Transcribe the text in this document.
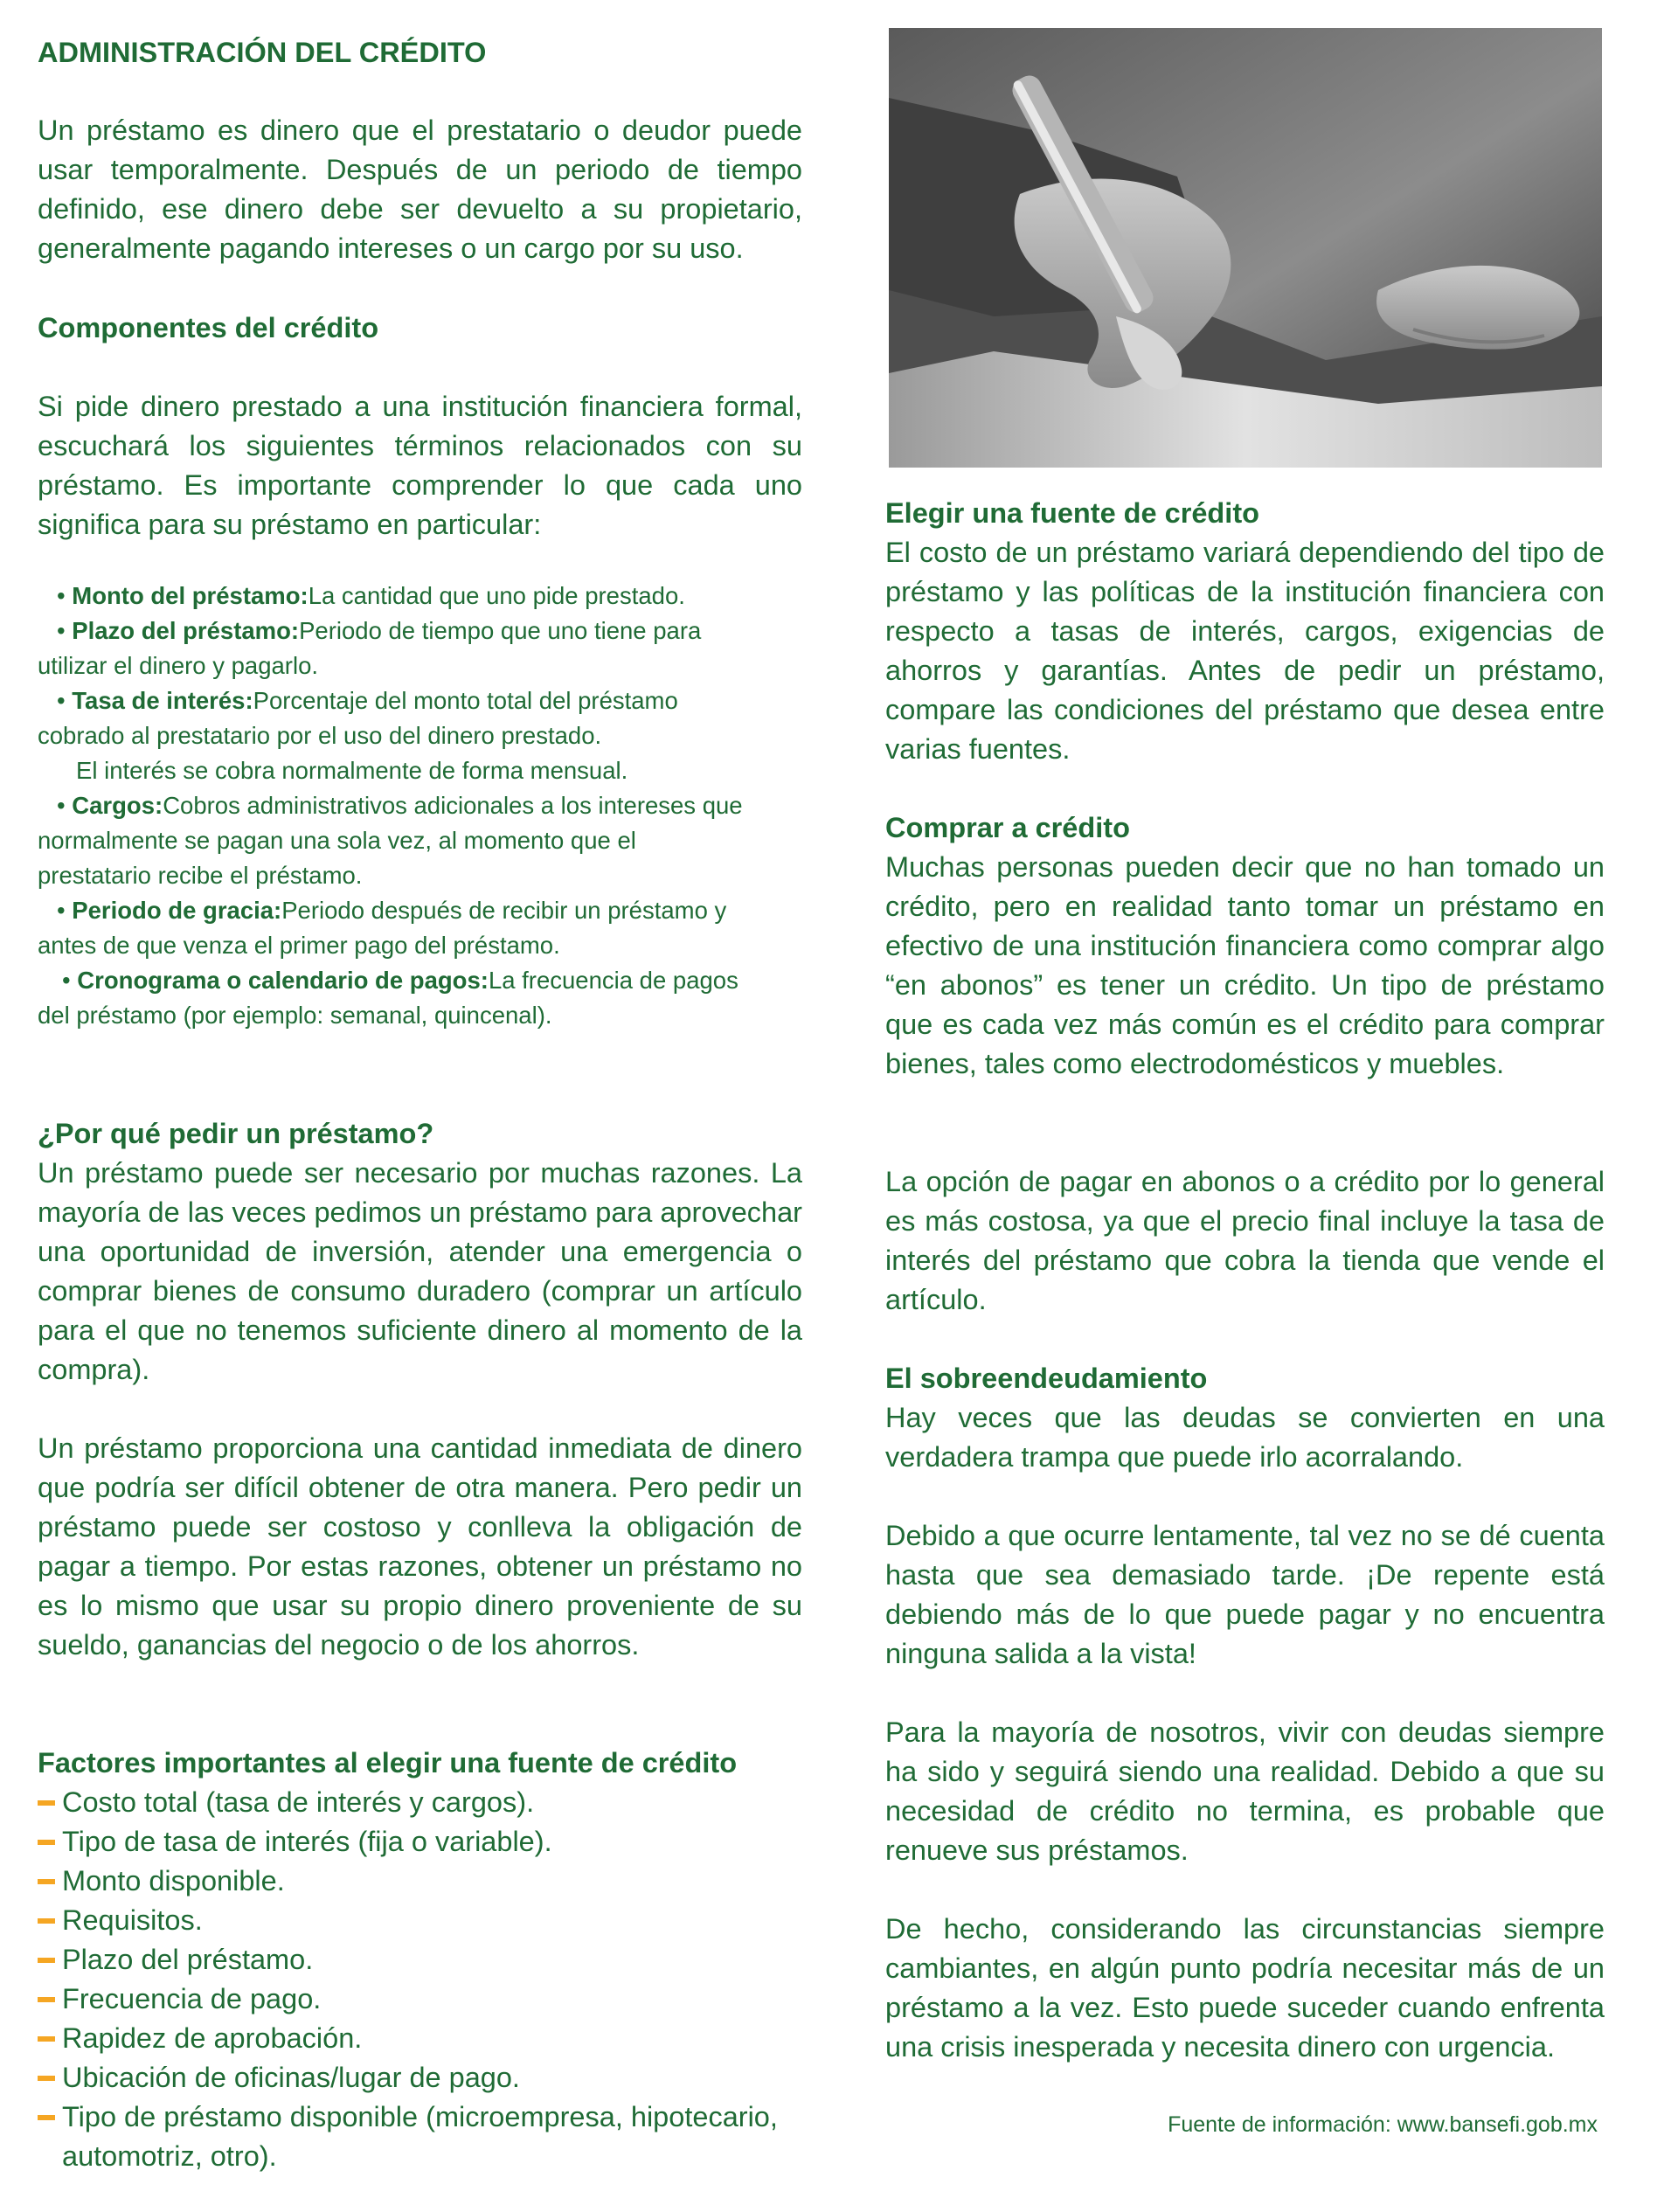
ADMINISTRACIÓN DEL CRÉDITO

Un préstamo es dinero que el prestatario o deudor puede usar temporalmente. Después de un periodo de tiempo definido, ese dinero debe ser devuelto a su propietario, generalmente pagando intereses o un cargo por su uso.

Componentes del crédito

Si pide dinero prestado a una institución financiera formal, escuchará los siguientes términos relacionados con su préstamo. Es importante comprender lo que cada uno significa para su préstamo en particular:

• Monto del préstamo:La cantidad que uno pide prestado.
• Plazo del préstamo:Periodo de tiempo que uno tiene para
utilizar el dinero y pagarlo.
• Tasa de interés:Porcentaje del monto total del préstamo
cobrado al prestatario por el uso del dinero prestado.
El interés se cobra normalmente de forma mensual.
• Cargos:Cobros administrativos adicionales a los intereses que
normalmente se pagan una sola vez, al momento que el
prestatario recibe el préstamo.
• Periodo de gracia:Periodo después de recibir un préstamo y
antes de que venza el primer pago del préstamo.
• Cronograma o calendario de pagos:La frecuencia de pagos
del préstamo (por ejemplo: semanal, quincenal).
¿Por qué pedir un préstamo?

Un préstamo puede ser necesario por muchas razones. La mayoría de las veces pedimos un préstamo para aprovechar una oportunidad de inversión, atender una emergencia o comprar bienes de consumo duradero (comprar un artículo para el que no tenemos suficiente dinero al momento de la compra).

Un préstamo proporciona una cantidad inmediata de dinero que podría ser difícil obtener de otra manera. Pero pedir un préstamo puede ser costoso y conlleva la obligación de pagar a tiempo. Por estas razones, obtener un préstamo no es lo mismo que usar su propio dinero proveniente de su sueldo, ganancias del negocio o de los ahorros.

Factores importantes al elegir una fuente de crédito
Costo total (tasa de interés y cargos).
Tipo de tasa de interés (fija o variable).
Monto disponible.
Requisitos.
Plazo del préstamo.
Frecuencia de pago.
Rapidez de aprobación.
Ubicación de oficinas/lugar de pago.
Tipo de préstamo disponible (microempresa, hipotecario, automotriz, otro).
Elegir una fuente de crédito

El costo de un préstamo variará dependiendo del tipo de préstamo y las políticas de la institución financiera con respecto a tasas de interés, cargos, exigencias de ahorros y garantías. Antes de pedir un préstamo, compare las condiciones del préstamo que desea entre varias fuentes.

Comprar a crédito

Muchas personas pueden decir que no han tomado un crédito, pero en realidad tanto tomar un préstamo en efectivo de una institución financiera como comprar algo “en abonos” es tener un crédito. Un tipo de préstamo que es cada vez más común es el crédito para comprar bienes, tales como electrodomésticos y muebles.

La opción de pagar en abonos o a crédito por lo general es más costosa, ya que el precio final incluye la tasa de interés del préstamo que cobra la tienda que vende el artículo.

El sobreendeudamiento

Hay veces que las deudas se convierten en una verdadera trampa que puede irlo acorralando.

Debido a que ocurre lentamente, tal vez no se dé cuenta hasta que sea demasiado tarde. ¡De repente está debiendo más de lo que puede pagar y no encuentra ninguna salida a la vista!

Para la mayoría de nosotros, vivir con deudas siempre ha sido y seguirá siendo una realidad. Debido a que su necesidad de crédito no termina, es probable que renueve sus préstamos.

De hecho, considerando las circunstancias siempre cambiantes, en algún punto podría necesitar más de un préstamo a la vez. Esto puede suceder cuando enfrenta una crisis inesperada y necesita dinero con urgencia.

Fuente de información: www.bansefi.gob.mx
